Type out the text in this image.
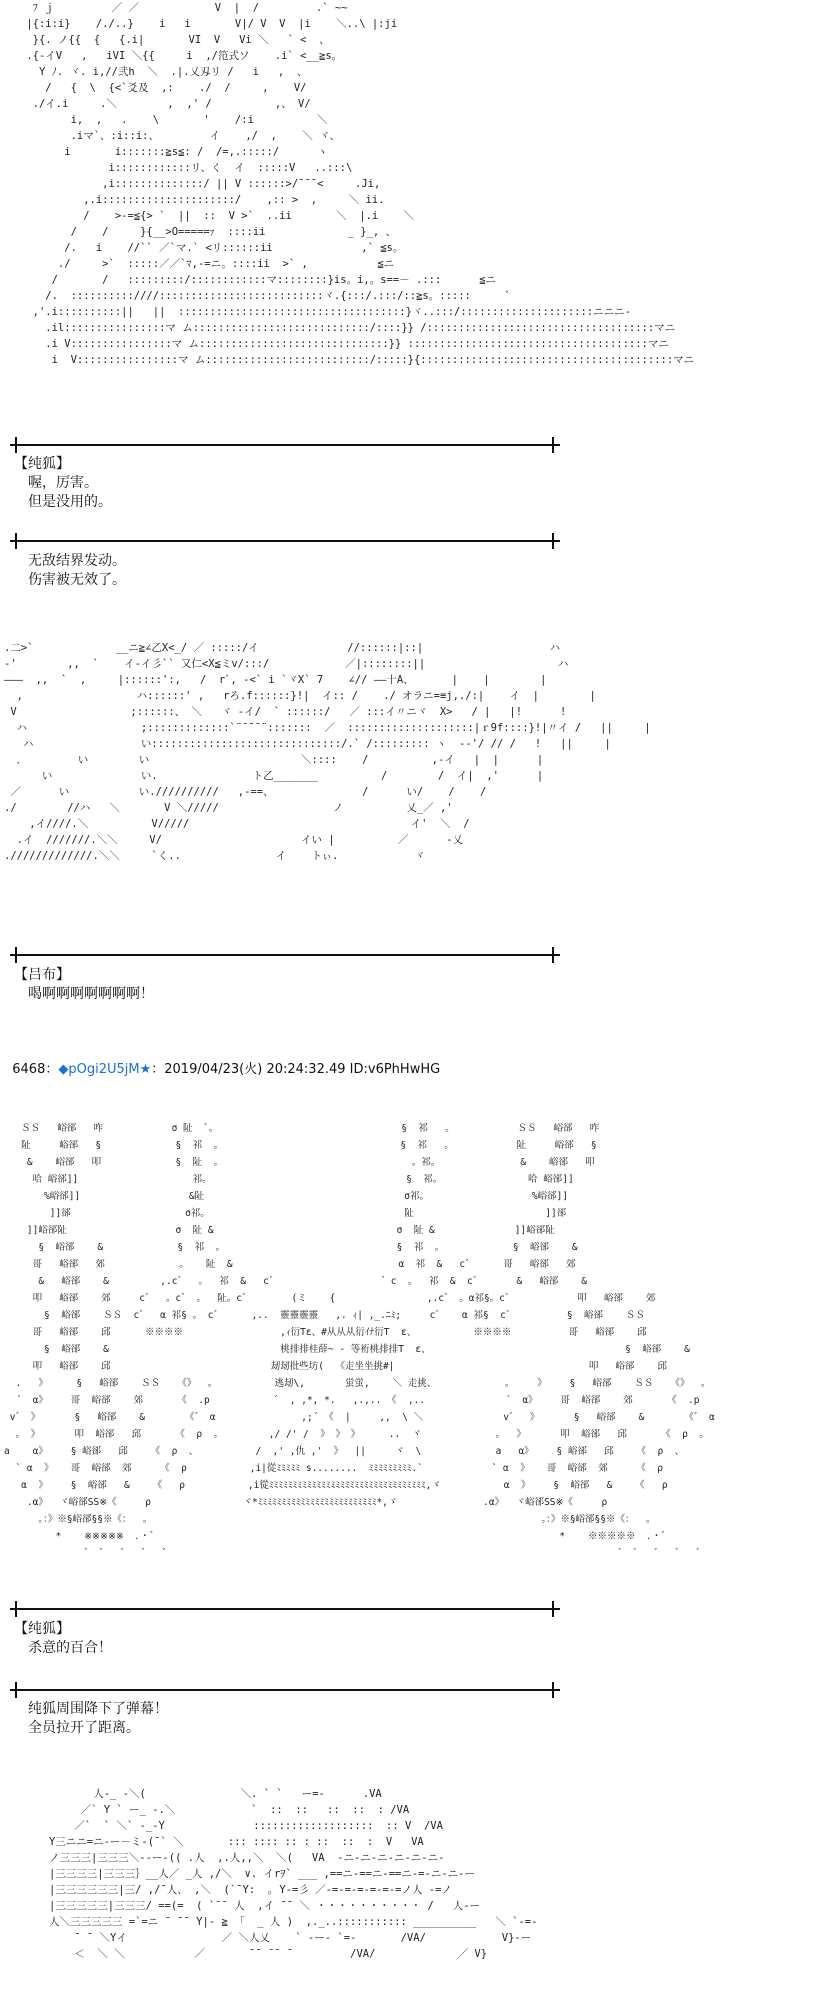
ﾌ ｊ         ／ ／            V  |  /         .` ~~
|{:i:i}    /./..}    i   i       V|/ V  V  |i    ＼..\ |:ji
}{. ノ{{  {   {.i|       VI  V   Vi ＼   ` <  、
.{-イV   ,   iVI ＼{{     i  ,/笵式ソ    .i` <__≧s。
Y ﾉ. ヾ. i,//弐h  ＼  .|.乂刄リ /   i   ,  、
/   {  \  {<`爻及  ,:    ./  /     ,    V/
./イ.i     .＼        ,  ,' /          ,、 V/
i,  ,   .    \       '    /:i          ＼
.iマ`、:i::i:、        イ    ,/  ,    ＼ ヾ、
i       i:::::::≧s≦: /  /=,.:::::/      ヽ
i::::::::::::リ、く  イ  :::::V   ..:::\
,i::::::::::::::/ || V ::::::>/¯¯¯<     .Ji,
,.i:::::::::::::::::::::/    ,:: >  ,     ＼ ii.
/    >-=≦{> `  ||  ::  V >`  ..ii       ＼  |.i    ＼
/    /     }{__>O=====ｧ  ::::ii             _ }_, 、
/.   i    //`` ／`マ.` <リ::::::ii              ,` ≦s。
./     >`  :::::／／`ﾏ,-=ニ。::::ii  >` ,           ≦ニ
/       /   :::::::::/::::::::::::マ::::::::}is。i,。s==－ .:::      ≦ニ
/.  ::::::::::////::::::::::::::::::::::::::ヾ.{:::/.:::/::≧s。:::::      ﾞ
,'.i::::::::::||   ||  ::::::::::::::::::::::::::::::::::::}ヾ..:::/:::::::::::::::::::::ニニニ-
.il::::::::::::::::マ ム::::::::::::::::::::::::::::/::::}} /::::::::::::::::::::::::::::::::::::マニ
.i V::::::::::::::::マ ム::::::::::::::::::::::::::::::}} ::::::::::::::::::::::::::::::::::::::マニ
i  V::::::::::::::::マ ム::::::::::::::::::::::::::/:::::}{::::::::::::::::::::::::::::::::::::::::マニ
【纯狐】
喔，厉害。
但是没用的。
无敌结界发动。
伤害被无效了。
.二>`             __ニ≧∠乙X<_/ ／ :::::/イ              //::::::|::|                    ハ
-'        ,,  `    イ-イ彡`` 又仁<X≦ミv/:::/            ／|::::::::||                     ハ
―――  ,,  `  ,     |::::::':,   /  rﾞ, -<` i `ヾX` 7    ∠// ――十A、      |    |        |
,                  ハ::::::' ,   rろ.f::::::}!|  イ:: /    ./ オラニ=≡j,./:|    イ  |        |
V                  ;::::::、 ＼   ヾ -イ/  ` ::::::/   ／ :::イ〃ニヾ  X>   / |   |!      !
ハ                  ;:::::::::::::`¨¯¯¯¨:::::::  ／  ::::::::::::::::::::|ｒ9f::::}!|〃イ /   ||     |
ハ                 い::::::::::::::::::::::::::::::/.` /::::::::: ヽ  --'/ // /   !   ||     |
．        い        い                        ＼::::    /          ,-イ   |  |      |
い              い.               ト乙_______          /        /  イ|  ,'      |
／      い           い.//////////   ,-==、              /      い/    /    /
./        //ハ   ＼       V ＼/////                  ノ          乂_／ ,'
,イ////.＼          V/////                                   イ'  ＼  /
.イ  ///////.＼＼     V/                      イい |          ／      ‐乂
./////////////.＼＼     `く..               イ    トぃ.            ヾ
【吕布】
喝啊啊啊啊啊啊啊！

6468：◆pOgi2U5jM★：2019/04/23(火) 20:24:32.49 ID:v6PhHwHG

ＳＳ   峪郤   咋            σ 阯  ﾟ。                                §  祁   。           ＳＳ   峪郤   咋
阯     峪郤   §             §  祁  。                               §  祁   。           阯     峪郤   §
&    峪郤   叩             §  阯  。                                 。祁。              &    峪郤   叩
哈 峪郤]]                    祁。                                  §  祁。               哈 峪郤]]
%峪郤]]                   &阯                                   σ祁。                  %峪郤]]
]]郤                    σ祁。                                  阯                       ]]郤
]]峪郤阯                   σ  阯 &                                σ  阯 &              ]]峪郤阯
§  峪郤    &             §  祁  。                              §  祁  。            §  峪郤    &
哥   峪郤   郊             。   阯  &                             α  祁  &   c゛     哥   峪郤   郊
&   峪郤    &         ,.c゛  。  祁  &   c゛                  ゛c  。  祁  &  c゛      &   峪郤    &
叩   峪郤    郊     c゛  。c゛ 。  阯。c゛       (ミ    {                ,.c゛ 。α祁§。c゛           叩   峪郤    郊
§  峪郤    ＳＳ  c゛  α 祁§ 。 c゛     ,..  靈靈靈靈   ,. ｨ| ,_.ﾆﾐ;     c゛   α 祁§  c゛         §  峪郤    ＳＳ
哥   峪郤    邱      ※※※※                 ,ｨ衍Tε、#从从从衍ｲﾅ衍T  ε、          ※※※※          哥   峪郤    邱
§  峪郤    &                              桃排排桂薛~ - 等裄桃排排T  ε、                                  §  峪郤    &
叩   峪郤    邱                            刼刼批些坊(  《走坐坐挑#|                                  叩   峪郤    邱
.   》     §   峪郤    ＳＳ   《》  。          逃刼\,       蛍蛍,    ＼ 走挑、            。    》    §   峪郤    ＳＳ   《》  。
´  α》    哥  峪郤    郊      《  .p           ´  , ,*, *.   ,.,.. 《  ,..              ´  α》    哥  峪郤    郊      《  .p
v゛ 》      §   峪郤    &       《゛ α               ,;´ 《  |     ,,  \ ＼              v゛  》      §   峪郤    &       《゛ α
。 》      叩  峪郤   邱      《  ρ  。        ,/ /' /  》 》 》     ..  ヾ             。  》      叩  峪郤   邱      《  ρ  。
a    α》    § 峪郤   邱    《  ρ  、          /  ,' ,仇 ,'  》  ||     ヾ  \             a   α》    § 峪郤   邱    《  ρ  、
` α  》   哥  峪郤  郊     《  ρ           ,i|從ﾐﾐﾐﾐﾐ s........  ﾐﾐﾐﾐﾐﾐﾐﾐﾐ.`            ` α  》   哥  峪郤  郊     《  ρ
α  》    §  峪郤   &    《   ρ           ,i從ﾐﾐﾐﾐﾐﾐﾐﾐﾐﾐﾐﾐﾐﾐﾐﾐﾐﾐﾐﾐﾐﾐﾐﾐﾐﾐﾐﾐﾐﾐﾐﾐﾐ,ゞ           α  》    §  峪郤   &    《   ρ
.α》  ヾ峪郤SS※《     ρ                ヾ*ﾐﾐﾐﾐﾐﾐﾐﾐﾐﾐﾐﾐﾐﾐﾐﾐﾐﾐﾐﾐﾐﾐﾐﾐﾐ*,ゞ               .α》  ヾ峪郤SS※《     ρ
。：》※§峪郤§§※《：  。                                                                    。：》※§峪郤§§※《：  。
*    ※※※※※  ．・゛                                                                      *    ※※※※※  ．・゛
゛ ゛  ゛  ゛  ゛                                                                              ゛ ゛  ゛  ゛  ゛
【纯狐】
杀意的百合！
纯狐周围降下了弹幕！
全员拉开了距离。
人-_ -＼(               ＼. ` `   ー=-      .VA
／` Y ` ー_ -.＼            `  ::  ::   ::  ::  : /VA
／`  ` ＼` -_-Y              :::::::::::::::::::  :: V  /VA
Y三ニニ=ニ-ー－ミ-(¯` ＼       ::: :::: :: : ::  ::  :  V   VA
ノ三三三|三三三＼--ー-(( .人  ,.人,,＼  ＼(   VA  -ニ-ニ-ニ-ニ-ニ-ニ-
|三三三三|三三三｝__人／ _人 ,/＼  ∨. イrｦ` ___ ,==ニ-==ニ-==ニ-=-ニ-ニ-ー
|三三三三三三|三/ ,/¯人、 ,＼  (`¯Y:  ｡ Y-=彡 ／-=-=-=-=-=-=ノ人 -=ノ
|三三三三三|三三三/ ==(=  ( `¯¯ 人  ,イ ¯¯ ＼ ・・・・・・・・・・ /   人-ー
人＼三三三三三 =`=ニ ¯ ¯¯ Y|- ≧ 「  _ 人 )  ,._..::::::::::: __________   ＼ `-=-
¯ ¯ ＼Yイ               ／ ＼人乂    ` -ー- `=-       /VA/            V}-ー
＜  ＼ ＼           ／       ¯¯ ¯¯ ¯         /VA/             ／ V}
